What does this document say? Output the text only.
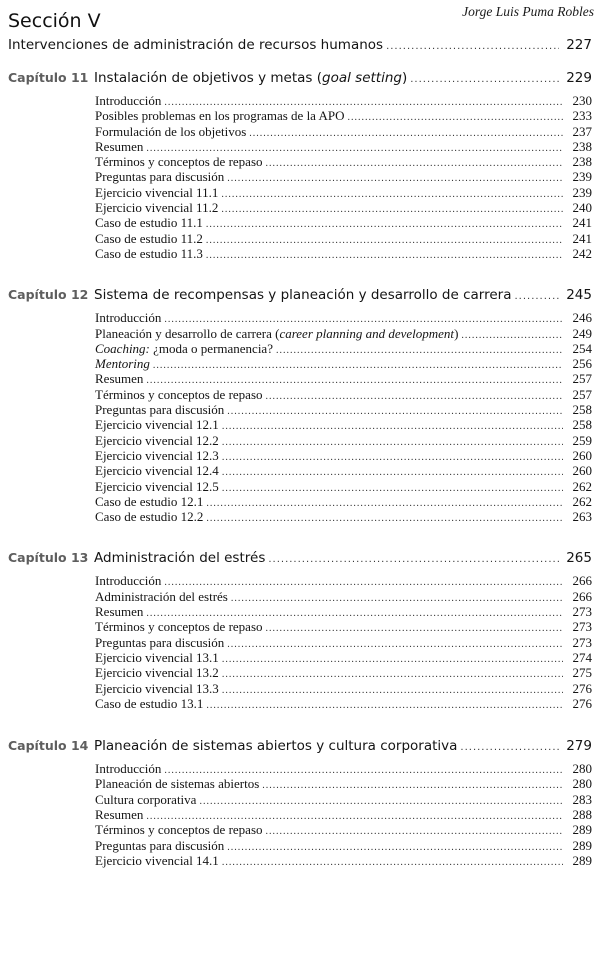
Jorge Luis Puma Robles
Sección V
Intervenciones de administración de recursos humanos .....	227
Capítulo 11 Instalación de objetivos y metas (goal setting) .....	229
Introducción .....	230
Posibles problemas en los programas de la APO .....	233
Formulación de los objetivos .....	237
Resumen .....	238
Términos y conceptos de repaso .....	238
Preguntas para discusión .....	239
Ejercicio vivencial 11.1 .....	239
Ejercicio vivencial 11.2 .....	240
Caso de estudio 11.1 .....	241
Caso de estudio 11.2 .....	241
Caso de estudio 11.3 .....	242
Capítulo 12 Sistema de recompensas y planeación y desarrollo de carrera .....	245
Introducción .....	246
Planeación y desarrollo de carrera (career planning and development) .....	249
Coaching: ¿moda o permanencia? .....	254
Mentoring .....	256
Resumen .....	257
Términos y conceptos de repaso .....	257
Preguntas para discusión .....	258
Ejercicio vivencial 12.1 .....	258
Ejercicio vivencial 12.2 .....	259
Ejercicio vivencial 12.3 .....	260
Ejercicio vivencial 12.4 .....	260
Ejercicio vivencial 12.5 .....	262
Caso de estudio 12.1 .....	262
Caso de estudio 12.2 .....	263
Capítulo 13 Administración del estrés .....	265
Introducción .....	266
Administración del estrés .....	266
Resumen .....	273
Términos y conceptos de repaso .....	273
Preguntas para discusión .....	273
Ejercicio vivencial 13.1 .....	274
Ejercicio vivencial 13.2 .....	275
Ejercicio vivencial 13.3 .....	276
Caso de estudio 13.1 .....	276
Capítulo 14 Planeación de sistemas abiertos y cultura corporativa .....	279
Introducción .....	280
Planeación de sistemas abiertos .....	280
Cultura corporativa .....	283
Resumen .....	288
Términos y conceptos de repaso .....	289
Preguntas para discusión .....	289
Ejercicio vivencial 14.1 .....	289
